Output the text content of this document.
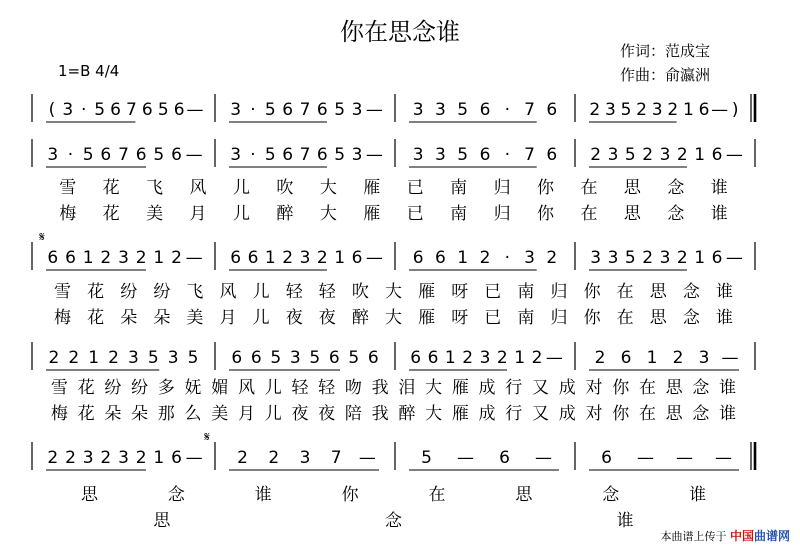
你在思念谁
作词：范成宝
作曲：俞瀛洲
1=B 4/4
( 3 · 5 6 7 6 5 6 — 3 · 5 6 7 6 5 3 — 3 3 5 6 · 7 6 2 3 5 2 3 2 1 6 — )
3 · 5 6 7 6 5 6 — 3 · 5 6 7 6 5 3 — 3 3 5 6 · 7 6 2 3 5 2 3 2 1 6 —
雪 花 飞 风 儿 吹 大 雁 已 南 归 你 在 思 念 谁
梅 花 美 月 儿 醉 大 雁 已 南 归 你 在 思 念 谁
𝄋
6 6 1 2 3 2 1 2 — 6 6 1 2 3 2 1 6 — 6 6 1 2 · 3 2 3 3 5 2 3 2 1 6 —
雪 花 纷 纷 飞 风 儿 轻 轻 吹 大 雁 呀 已 南 归 你 在 思 念 谁
梅 花 朵 朵 美 月 儿 夜 夜 醉 大 雁 呀 已 南 归 你 在 思 念 谁
2 2 1 2 3 5 3 5 6 6 5 3 5 6 5 6 6 6 1 2 3 2 1 2 — 2 6 1 2 3 —
雪 花 纷 纷 多 妩 媚 风 儿 轻 轻 吻 我 泪 大 雁 成 行 又 成 对 你 在 思 念 谁
梅 花 朵 朵 那 么 美 月 儿 夜 夜 陪 我 醉 大 雁 成 行 又 成 对 你 在 思 念 谁
𝄋
2 2 3 2 3 2 1 6 — 2 2 3 7 —	5 — 6 —	6 — — —
思	念	谁	你	在	思	念	谁
思	念	谁
本曲谱上传于 中国曲谱网
